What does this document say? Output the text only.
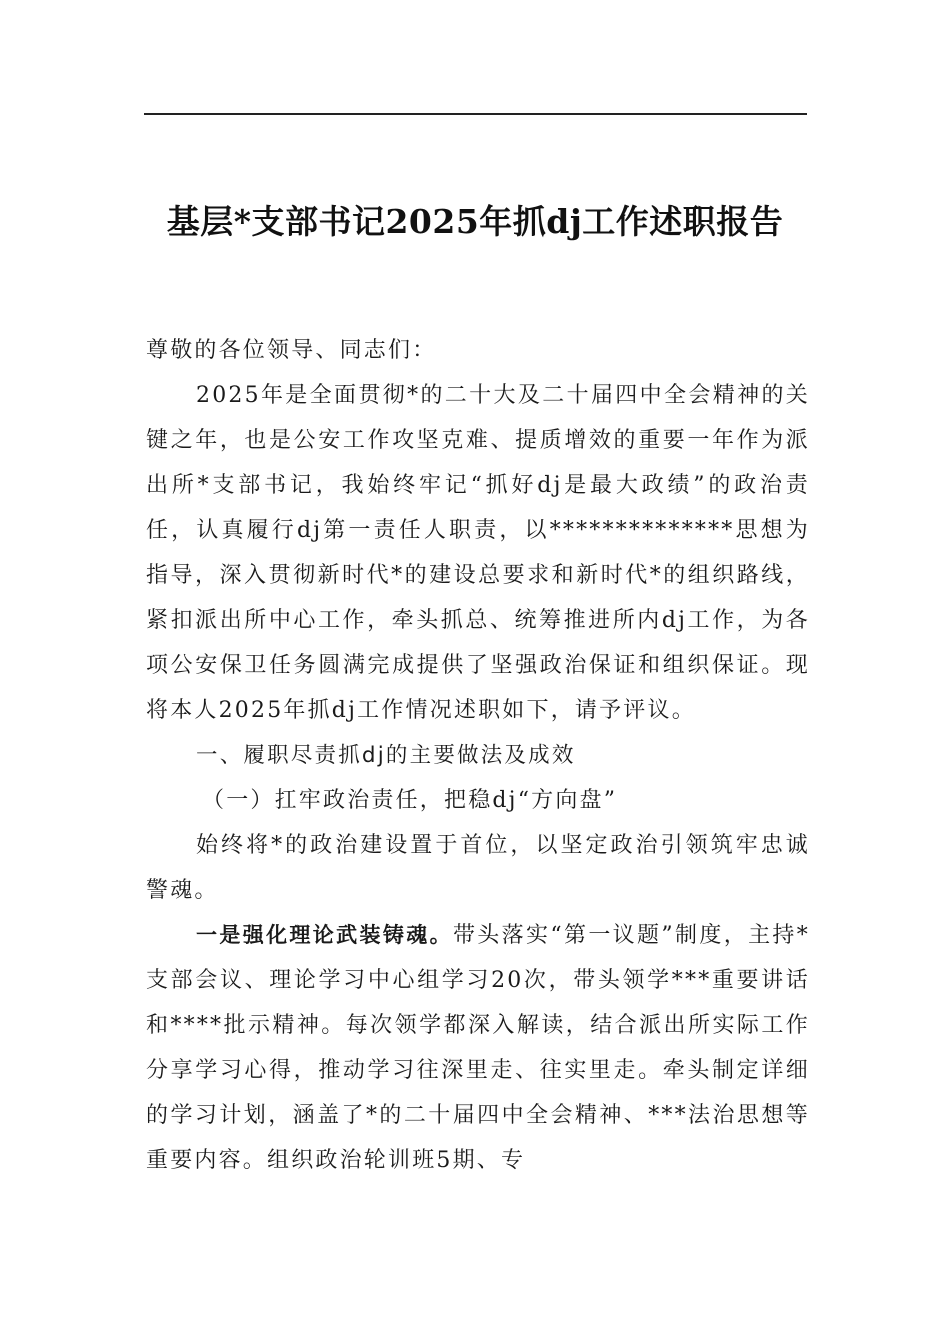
基层*支部书记2025年抓dj工作述职报告

尊敬的各位领导、同志们：

2025年是全面贯彻*的二十大及二十届四中全会精神的关键之年，也是公安工作攻坚克难、提质增效的重要一年作为派出所*支部书记，我始终牢记“抓好dj是最大政绩”的政治责任，认真履行dj第一责任人职责，以**************思想为指导，深入贯彻新时代*的建设总要求和新时代*的组织路线，紧扣派出所中心工作，牵头抓总、统筹推进所内dj工作，为各项公安保卫任务圆满完成提供了坚强政治保证和组织保证。现将本人2025年抓dj工作情况述职如下，请予评议。

一、履职尽责抓dj的主要做法及成效

（一）扛牢政治责任，把稳dj“方向盘”

始终将*的政治建设置于首位，以坚定政治引领筑牢忠诚警魂。

一是强化理论武装铸魂。带头落实“第一议题”制度，主持*支部会议、理论学习中心组学习20次，带头领学***重要讲话和****批示精神。每次领学都深入解读，结合派出所实际工作分享学习心得，推动学习往深里走、往实里走。牵头制定详细的学习计划，涵盖了*的二十届四中全会精神、***法治思想等重要内容。组织政治轮训班5期、专
